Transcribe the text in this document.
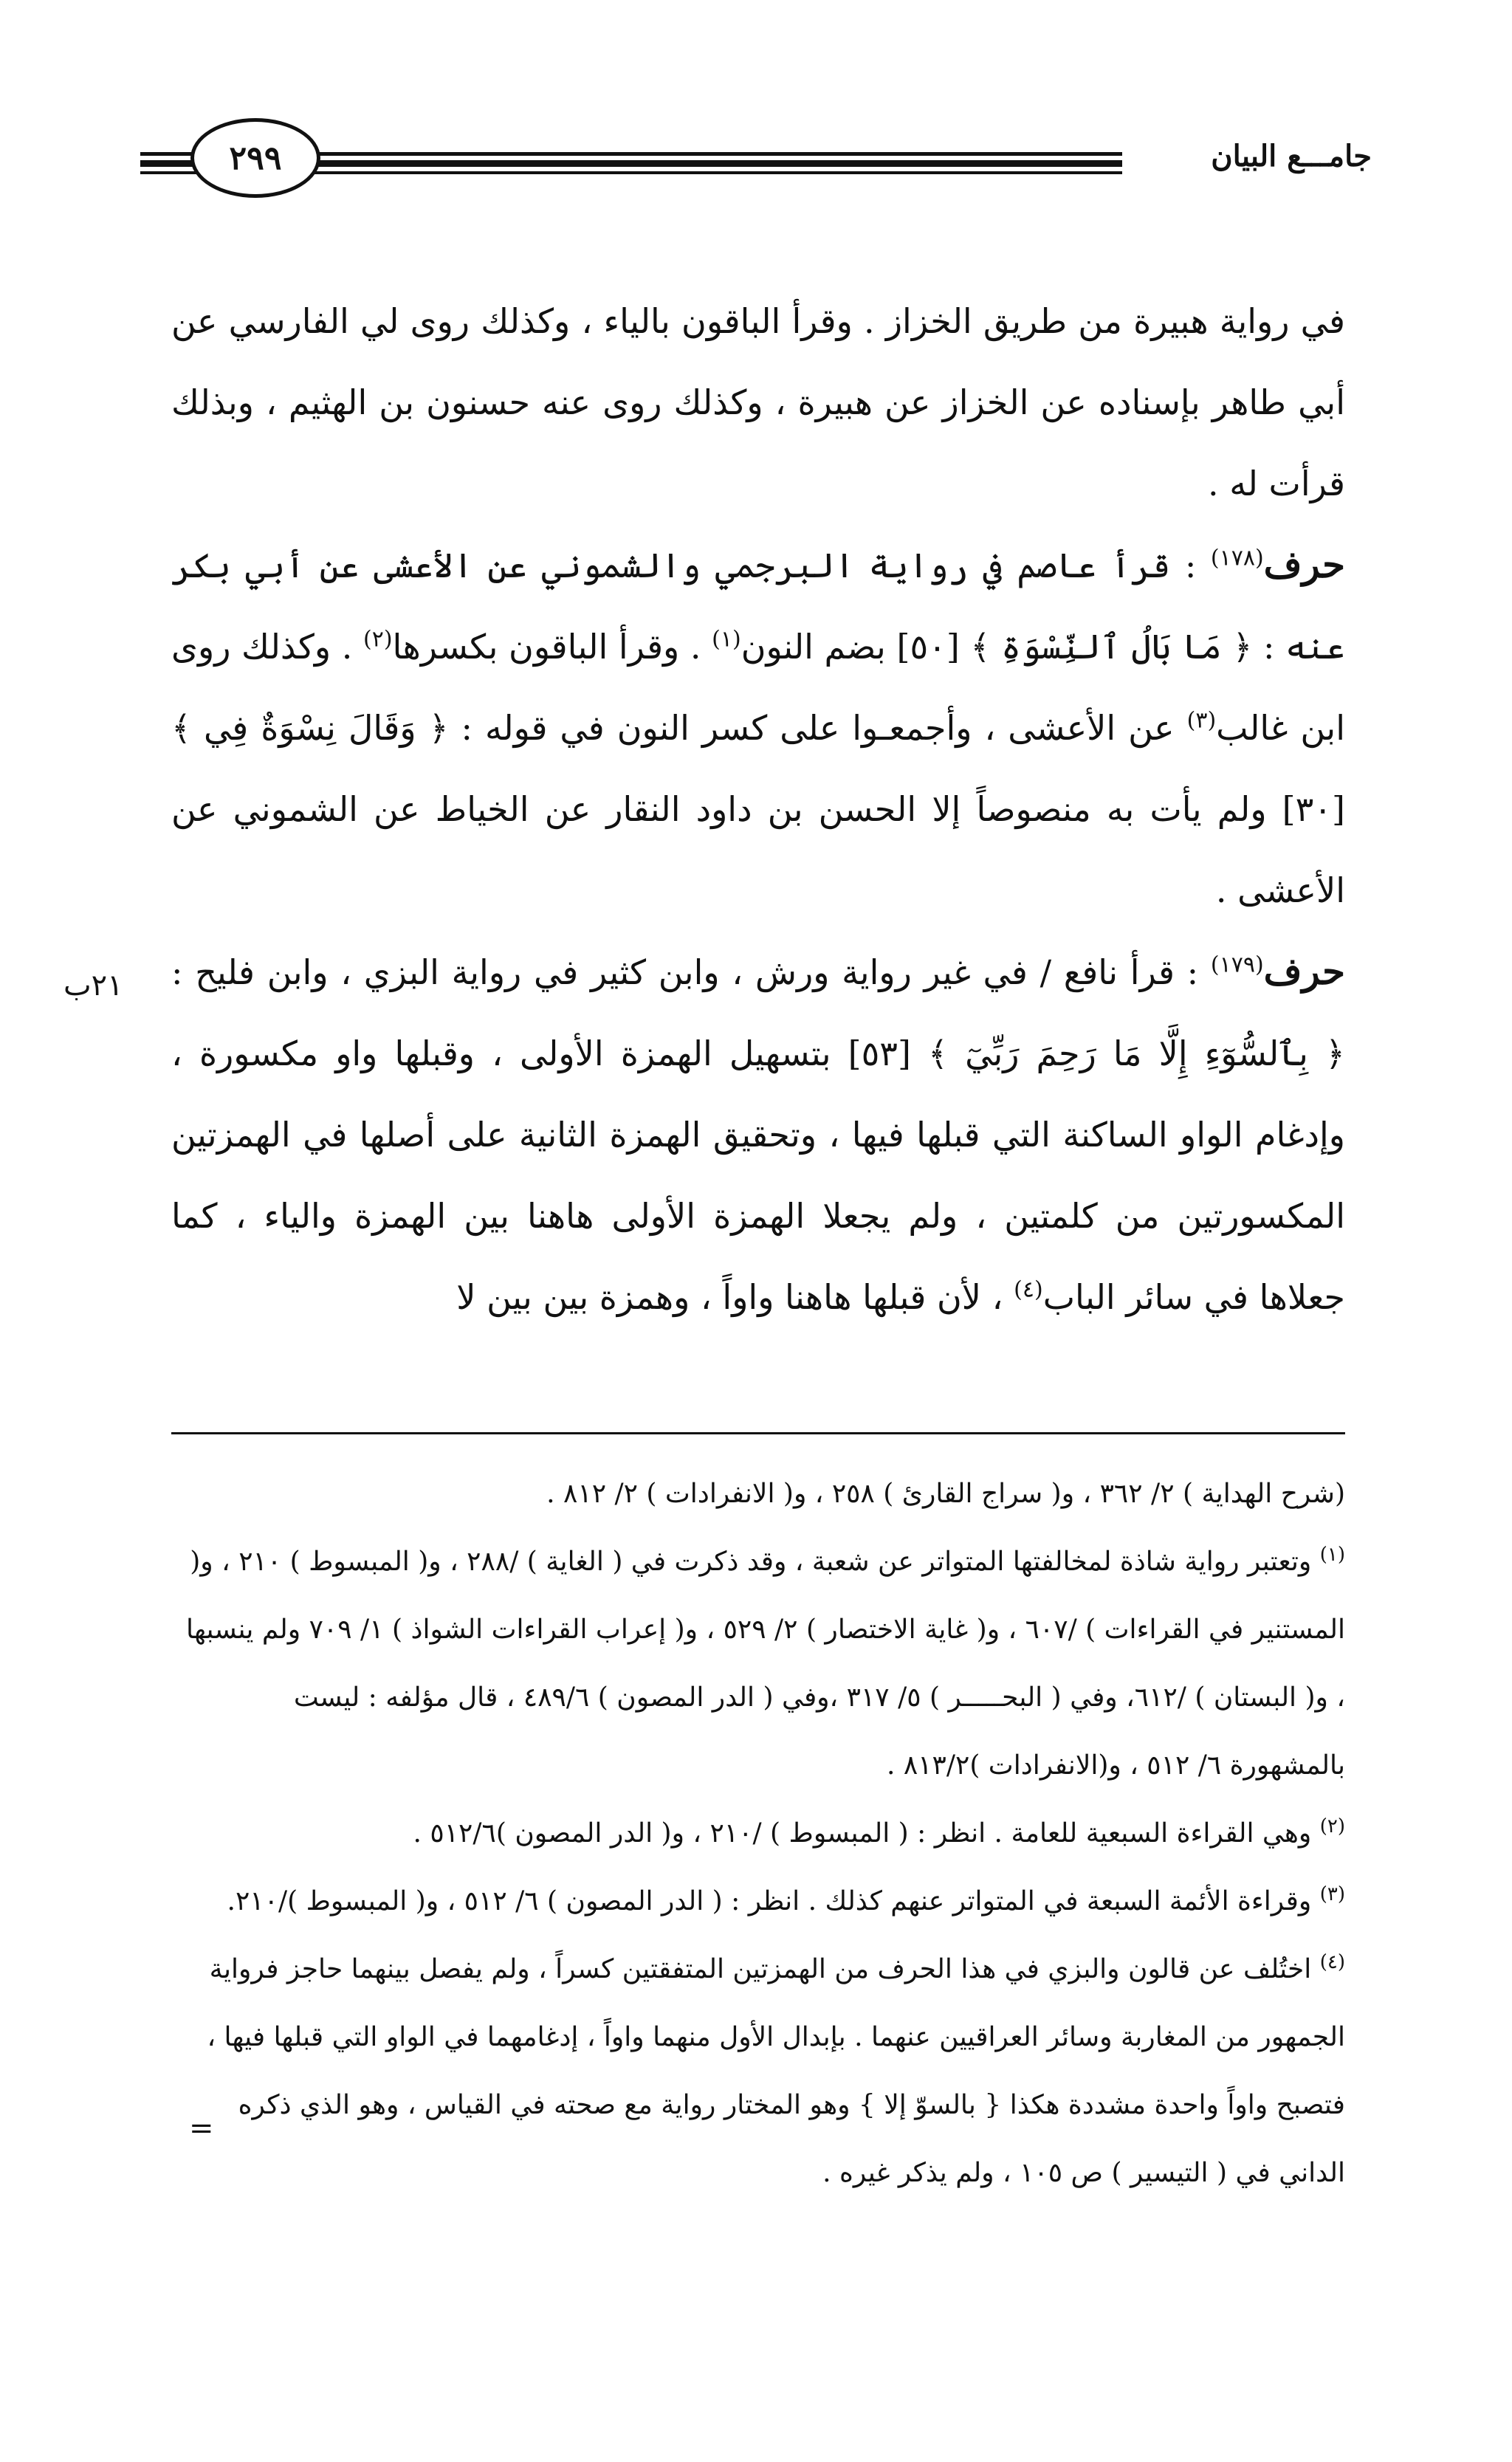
٢٩٩	جامـــع البيان

في رواية هبيرة من طريق الخزاز . وقرأ الباقون بالياء ، وكذلك روى لي الفارسي عن أبي طاهر بإسناده عن الخزاز عن هبيرة ، وكذلك روى عنه حسنون بن الهثيم ، وبذلك قرأت له .

حرف$^{(١٧٨)}$ : قرأ عاصم في رواية البرجمي والشموني عن الأعشى عن أبي بكر عنه : ﴿ مَا بَالُ ٱلنِّسْوَةِ ﴾ [٥٠] بضم النون$^{(١)}$ . وقرأ الباقون بكسرها$^{(٢)}$ . وكذلك روى ابن غالب$^{(٣)}$ عن الأعشى ، وأجمعـوا على كسر النون في قوله : ﴿ وَقَالَ نِسْوَةٌ فِي ﴾ [٣٠] ولم يأت به منصوصاً إلا الحسن بن داود النقار عن الخياط عن الشموني عن الأعشى .

حرف$^{(١٧٩)}$ : قرأ نافع / في غير رواية ورش ، وابن كثير في رواية البزي ، وابن فليح : ﴿ بِٱلسُّوٓءِ إِلَّا مَا رَحِمَ رَبِّيٓ ﴾ [٥٣] بتسهيل الهمزة الأولى ، وقبلها واو مكسورة ، وإدغام الواو الساكنة التي قبلها فيها ، وتحقيق الهمزة الثانية على أصلها في الهمزتين المكسورتين من كلمتين ، ولم يجعلا الهمزة الأولى هاهنا بين الهمزة والياء ، كما جعلاها في سائر الباب$^{(٤)}$ ، لأن قبلها هاهنا واواً ، وهمزة بين بين لا

٢١ب

(شرح الهداية ) ٢/ ٣٦٢ ، و( سراج القارئ ) ٢٥٨ ، و( الانفرادات ) ٢/ ٨١٢ .

$^{(١)}$ وتعتبر رواية شاذة لمخالفتها المتواتر عن شعبة ، وقد ذكرت في ( الغاية ) /٢٨٨ ، و( المبسوط ) ٢١٠ ، و( المستنير في القراءات ) /٦٠٧ ، و( غاية الاختصار ) ٢/ ٥٢٩ ، و( إعراب القراءات الشواذ ) ١/ ٧٠٩ ولم ينسبها ، و( البستان ) /٦١٢، وفي ( البحـــــر ) ٥/ ٣١٧ ،وفي ( الدر المصون ) ٤٨٩/٦ ، قال مؤلفه : ليست بالمشهورة ٦/ ٥١٢ ، و(الانفرادات )٨١٣/٢ .

$^{(٢)}$ وهي القراءة السبعية للعامة . انظر : ( المبسوط ) /٢١٠ ، و( الدر المصون )٥١٢/٦ .

$^{(٣)}$ وقراءة الأئمة السبعة في المتواتر عنهم كذلك . انظر : ( الدر المصون ) ٦/ ٥١٢ ، و( المبسوط )/٢١٠.

$^{(٤)}$ اختُلف عن قالون والبزي في هذا الحرف من الهمزتين المتفقتين كسراً ، ولم يفصل بينهما حاجز فرواية الجمهور من المغاربة وسائر العراقيين عنهما . بإبدال الأول منهما واواً ، إدغامهما في الواو التي قبلها فيها ، فتصبح واواً واحدة مشددة هكذا { بالسوّ إلا } وهو المختار رواية مع صحته في القياس ، وهو الذي ذكره الداني في ( التيسير ) ص ١٠٥ ، ولم يذكر غيره .

=
